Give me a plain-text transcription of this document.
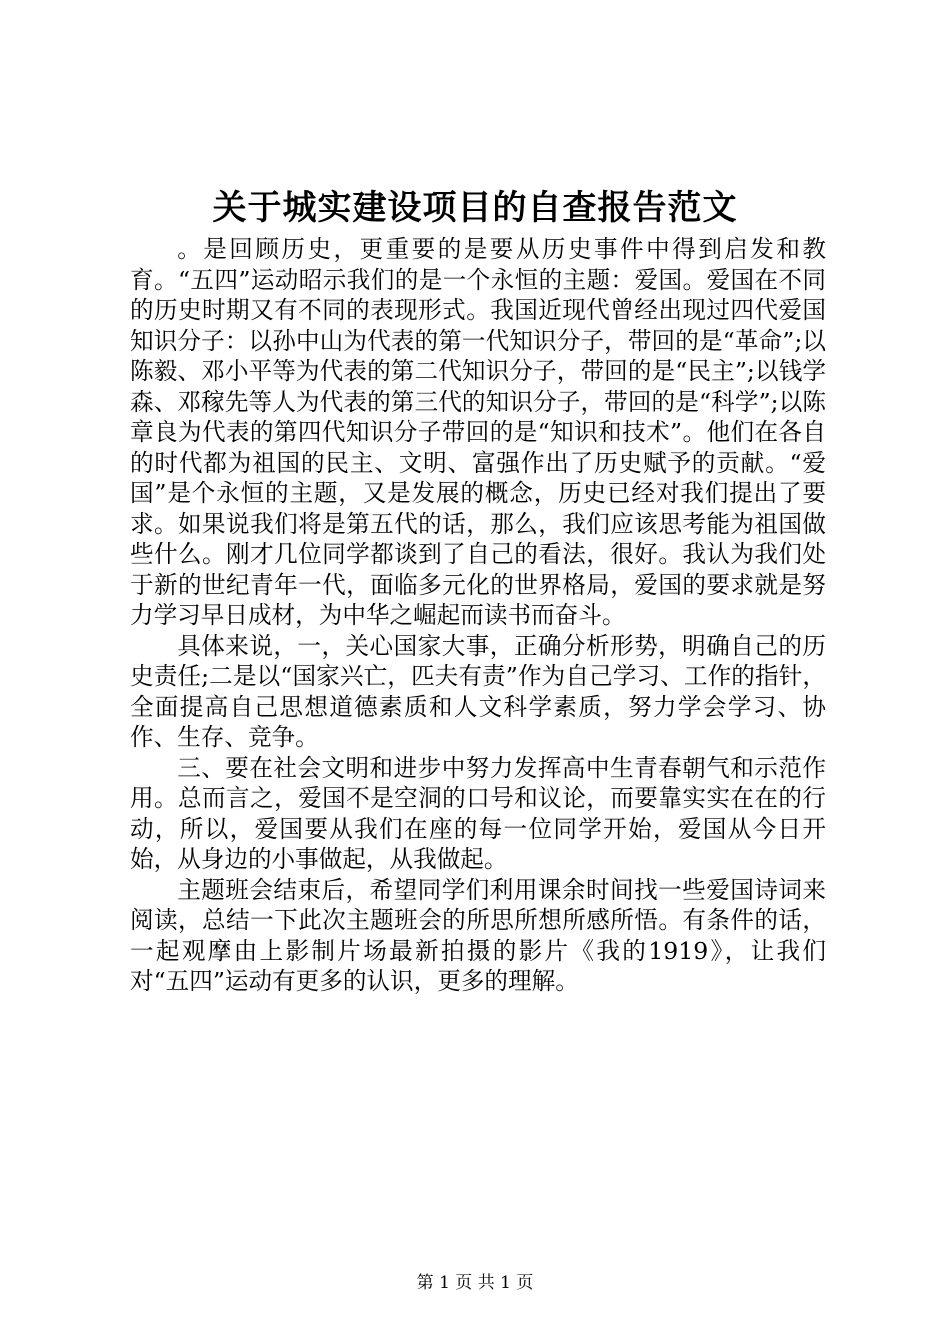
关于城实建设项目的自查报告范文

。是回顾历史，更重要的是要从历史事件中得到启发和教育。“五四”运动昭示我们的是一个永恒的主题：爱国。爱国在不同的历史时期又有不同的表现形式。我国近现代曾经出现过四代爱国知识分子：以孙中山为代表的第一代知识分子，带回的是“革命”;以陈毅、邓小平等为代表的第二代知识分子，带回的是“民主”;以钱学森、邓稼先等人为代表的第三代的知识分子，带回的是“科学”;以陈章良为代表的第四代知识分子带回的是“知识和技术”。他们在各自的时代都为祖国的民主、文明、富强作出了历史赋予的贡献。“爱国”是个永恒的主题，又是发展的概念，历史已经对我们提出了要求。如果说我们将是第五代的话，那么，我们应该思考能为祖国做些什么。刚才几位同学都谈到了自己的看法，很好。我认为我们处于新的世纪青年一代，面临多元化的世界格局，爱国的要求就是努力学习早日成材，为中华之崛起而读书而奋斗。

具体来说，一，关心国家大事，正确分析形势，明确自己的历史责任;二是以“国家兴亡，匹夫有责”作为自己学习、工作的指针，全面提高自己思想道德素质和人文科学素质，努力学会学习、协作、生存、竞争。

三、要在社会文明和进步中努力发挥高中生青春朝气和示范作用。总而言之，爱国不是空洞的口号和议论，而要靠实实在在的行动，所以，爱国要从我们在座的每一位同学开始，爱国从今日开始，从身边的小事做起，从我做起。

主题班会结束后，希望同学们利用课余时间找一些爱国诗词来阅读，总结一下此次主题班会的所思所想所感所悟。有条件的话，一起观摩由上影制片场最新拍摄的影片《我的1919》，让我们对“五四”运动有更多的认识，更多的理解。

第 1 页 共 1 页
